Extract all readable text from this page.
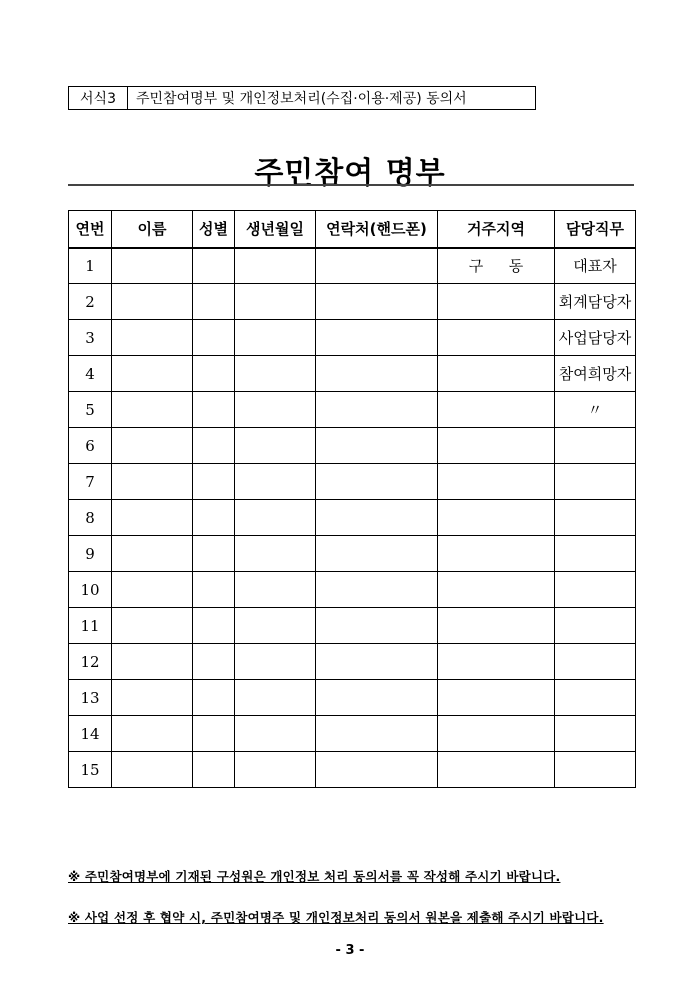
서식3	주민참여명부 및 개인정보처리(수집·이용·제공) 동의서
주민참여 명부
연번	이름	성별	생년월일	연락처(핸드폰)	거주지역	담당직무
1					구 동	대표자
2						회계담당자
3						사업담당자
4						참여희망자
5						〃
6						
7						
8						
9						
10						
11						
12						
13						
14						
15						
※ 주민참여명부에 기재된 구성원은 개인정보 처리 동의서를 꼭 작성해 주시기 바랍니다.
※ 사업 선정 후 협약 시, 주민참여명주 및 개인정보처리 동의서 원본을 제출해 주시기 바랍니다.
- 3 -
